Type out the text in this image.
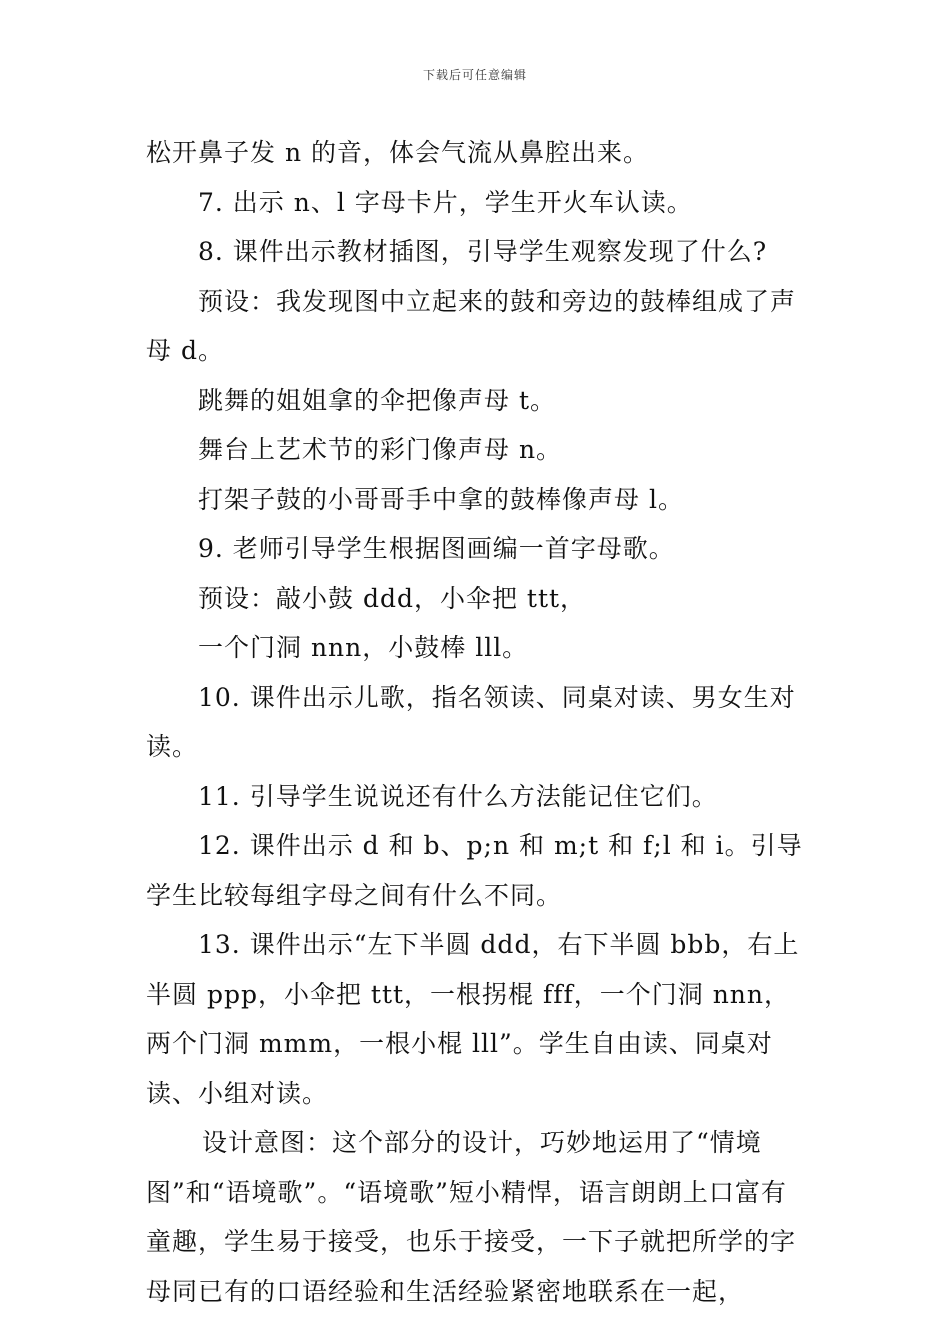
下载后可任意编辑

松开鼻子发 n 的音，体会气流从鼻腔出来。

7. 出示 n、l 字母卡片，学生开火车认读。

8. 课件出示教材插图，引导学生观察发现了什么?

预设：我发现图中立起来的鼓和旁边的鼓棒组成了声母 d。

跳舞的姐姐拿的伞把像声母 t。

舞台上艺术节的彩门像声母 n。

打架子鼓的小哥哥手中拿的鼓棒像声母 l。

9. 老师引导学生根据图画编一首字母歌。

预设：敲小鼓 ddd，小伞把 ttt，

一个门洞 nnn，小鼓棒 lll。

10. 课件出示儿歌，指名领读、同桌对读、男女生对读。

11. 引导学生说说还有什么方法能记住它们。

12. 课件出示 d 和 b、p;n 和 m;t 和 f;l 和 i。引导学生比较每组字母之间有什么不同。

13. 课件出示“左下半圆 ddd，右下半圆 bbb，右上半圆 ppp，小伞把 ttt，一根拐棍 fff，一个门洞 nnn，两个门洞 mmm，一根小棍 lll”。学生自由读、同桌对读、小组对读。

设计意图：这个部分的设计，巧妙地运用了“情境图”和“语境歌”。“语境歌”短小精悍，语言朗朗上口富有童趣，学生易于接受，也乐于接受，一下子就把所学的字母同已有的口语经验和生活经验紧密地联系在一起，
